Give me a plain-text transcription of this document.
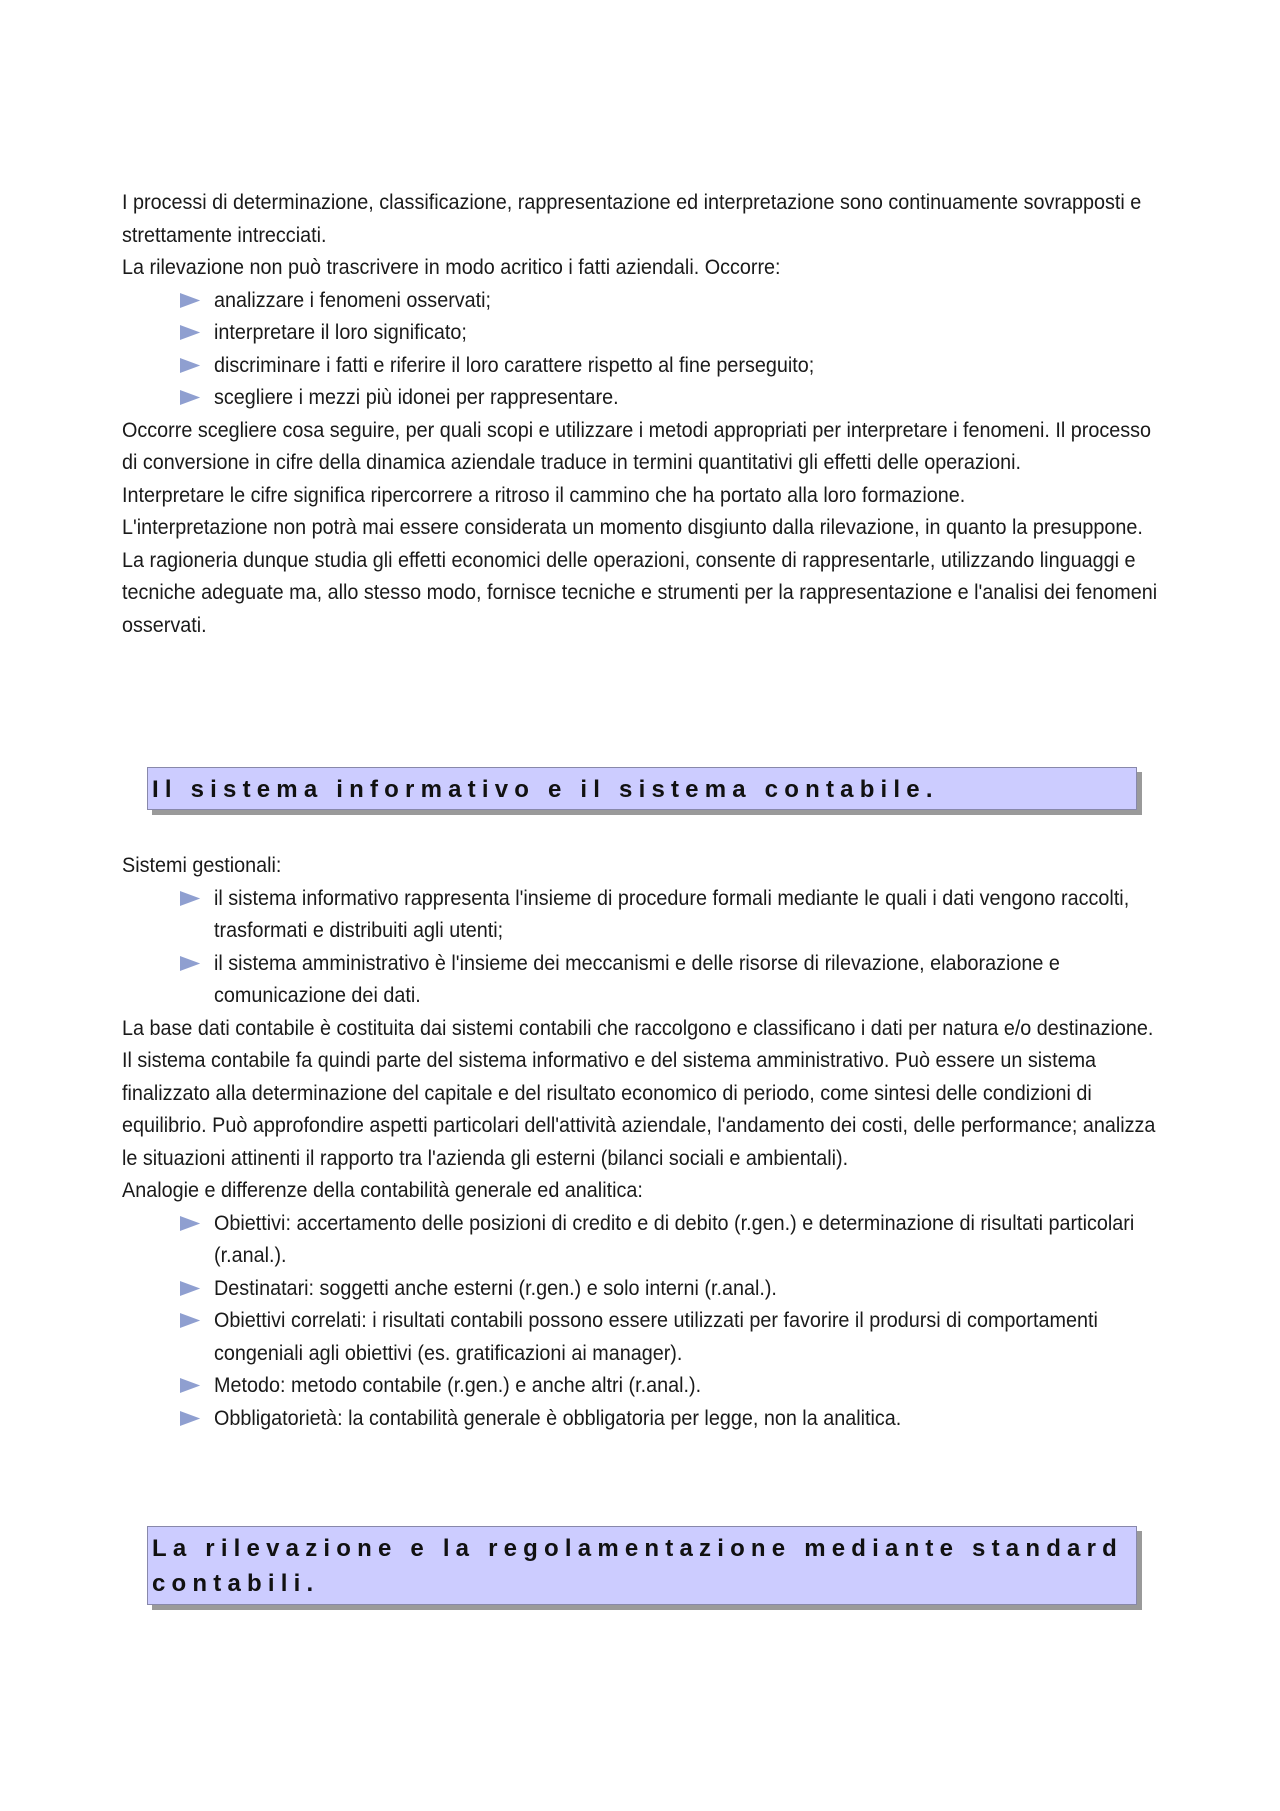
I processi di determinazione, classificazione, rappresentazione ed interpretazione sono continuamente sovrapposti e strettamente intrecciati.

La rilevazione non può trascrivere in modo acritico i fatti aziendali. Occorre:

analizzare i fenomeni osservati;
interpretare il loro significato;
discriminare i fatti e riferire il loro carattere rispetto al fine perseguito;
scegliere i mezzi più idonei per rappresentare.

Occorre scegliere cosa seguire, per quali scopi e utilizzare i metodi appropriati per interpretare i fenomeni. Il processo di conversione in cifre della dinamica aziendale traduce in termini quantitativi gli effetti delle operazioni.

Interpretare le cifre significa ripercorrere a ritroso il cammino che ha portato alla loro formazione.

L'interpretazione non potrà mai essere considerata un momento disgiunto dalla rilevazione, in quanto la presuppone.

La ragioneria dunque studia gli effetti economici delle operazioni, consente di rappresentarle, utilizzando linguaggi e tecniche adeguate ma, allo stesso modo, fornisce tecniche e strumenti per la rappresentazione e l'analisi dei fenomeni osservati.

Il sistema informativo e il sistema contabile.

Sistemi gestionali:

il sistema informativo rappresenta l'insieme di procedure formali mediante le quali i dati vengono raccolti, trasformati e distribuiti agli utenti;
il sistema amministrativo è l'insieme dei meccanismi e delle risorse di rilevazione, elaborazione e comunicazione dei dati.

La base dati contabile è costituita dai sistemi contabili che raccolgono e classificano i dati per natura e/o destinazione.

Il sistema contabile fa quindi parte del sistema informativo e del sistema amministrativo. Può essere un sistema finalizzato alla determinazione del capitale e del risultato economico di periodo, come sintesi delle condizioni di equilibrio. Può approfondire aspetti particolari dell'attività aziendale, l'andamento dei costi, delle performance; analizza le situazioni attinenti il rapporto tra l'azienda gli esterni (bilanci sociali e ambientali).

Analogie e differenze della contabilità generale ed analitica:

Obiettivi: accertamento delle posizioni di credito e di debito (r.gen.) e determinazione di risultati particolari (r.anal.).
Destinatari: soggetti anche esterni (r.gen.) e solo interni (r.anal.).
Obiettivi correlati: i risultati contabili possono essere utilizzati per favorire il prodursi di comportamenti congeniali agli obiettivi (es. gratificazioni ai manager).
Metodo: metodo contabile (r.gen.) e anche altri (r.anal.).
Obbligatorietà: la contabilità generale è obbligatoria per legge, non la analitica.
La rilevazione e la regolamentazione mediante standard contabili.
